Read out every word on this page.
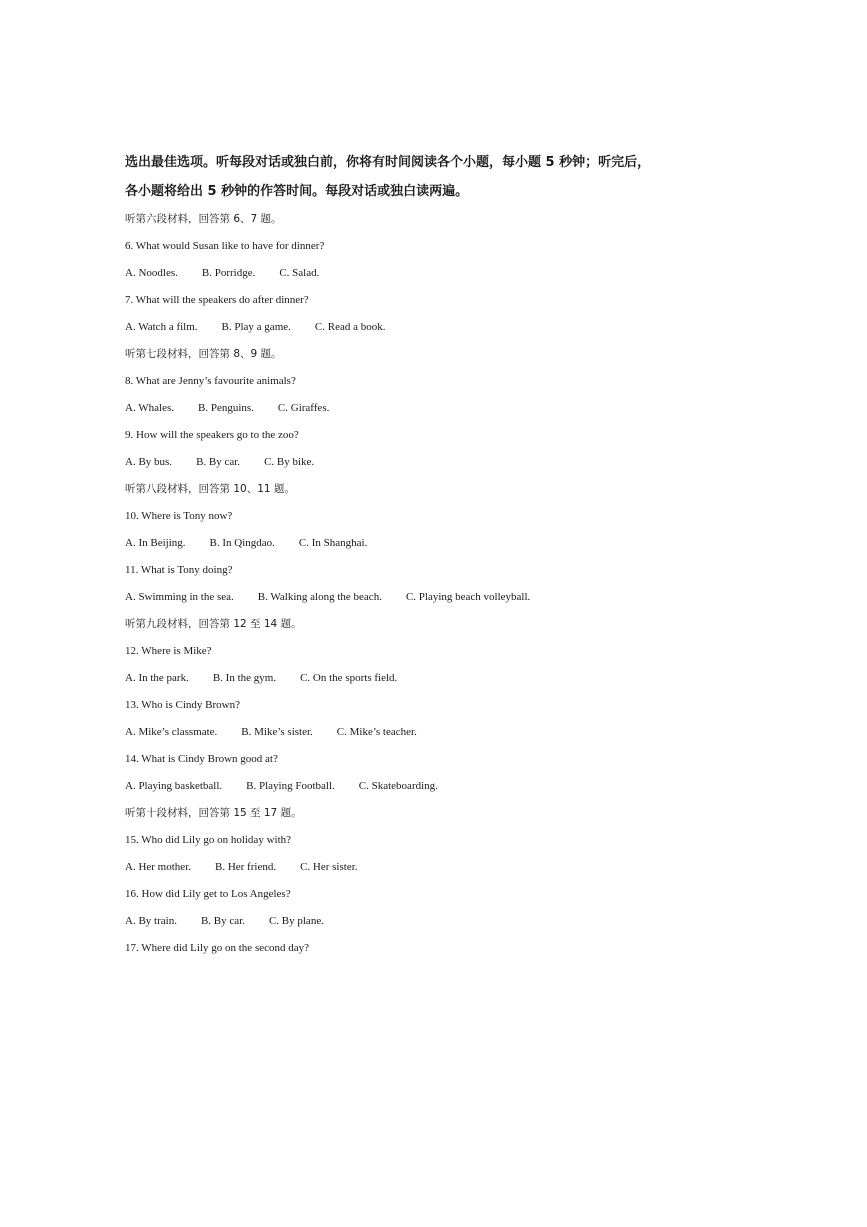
选出最佳选项。听每段对话或独白前，你将有时间阅读各个小题，每小题 5 秒钟；听完后，
各小题将给出 5 秒钟的作答时间。每段对话或独白读两遍。
听第六段材料，回答第 6、7 题。
6. What would Susan like to have for dinner?
A. Noodles. B. Porridge. C. Salad.
7. What will the speakers do after dinner?
A. Watch a film. B. Play a game. C. Read a book.
听第七段材料，回答第 8、9 题。
8. What are Jenny’s favourite animals?
A. Whales. B. Penguins. C. Giraffes.
9. How will the speakers go to the zoo?
A. By bus. B. By car. C. By bike.
听第八段材料，回答第 10、11 题。
10. Where is Tony now?
A. In Beijing. B. In Qingdao. C. In Shanghai.
11. What is Tony doing?
A. Swimming in the sea. B. Walking along the beach. C. Playing beach volleyball.
听第九段材料，回答第 12 至 14 题。
12. Where is Mike?
A. In the park. B. In the gym. C. On the sports field.
13. Who is Cindy Brown?
A. Mike’s classmate. B. Mike’s sister. C. Mike’s teacher.
14. What is Cindy Brown good at?
A. Playing basketball. B. Playing Football. C. Skateboarding.
听第十段材料，回答第 15 至 17 题。
15. Who did Lily go on holiday with?
A. Her mother. B. Her friend. C. Her sister.
16. How did Lily get to Los Angeles?
A. By train. B. By car. C. By plane.
17. Where did Lily go on the second day?
